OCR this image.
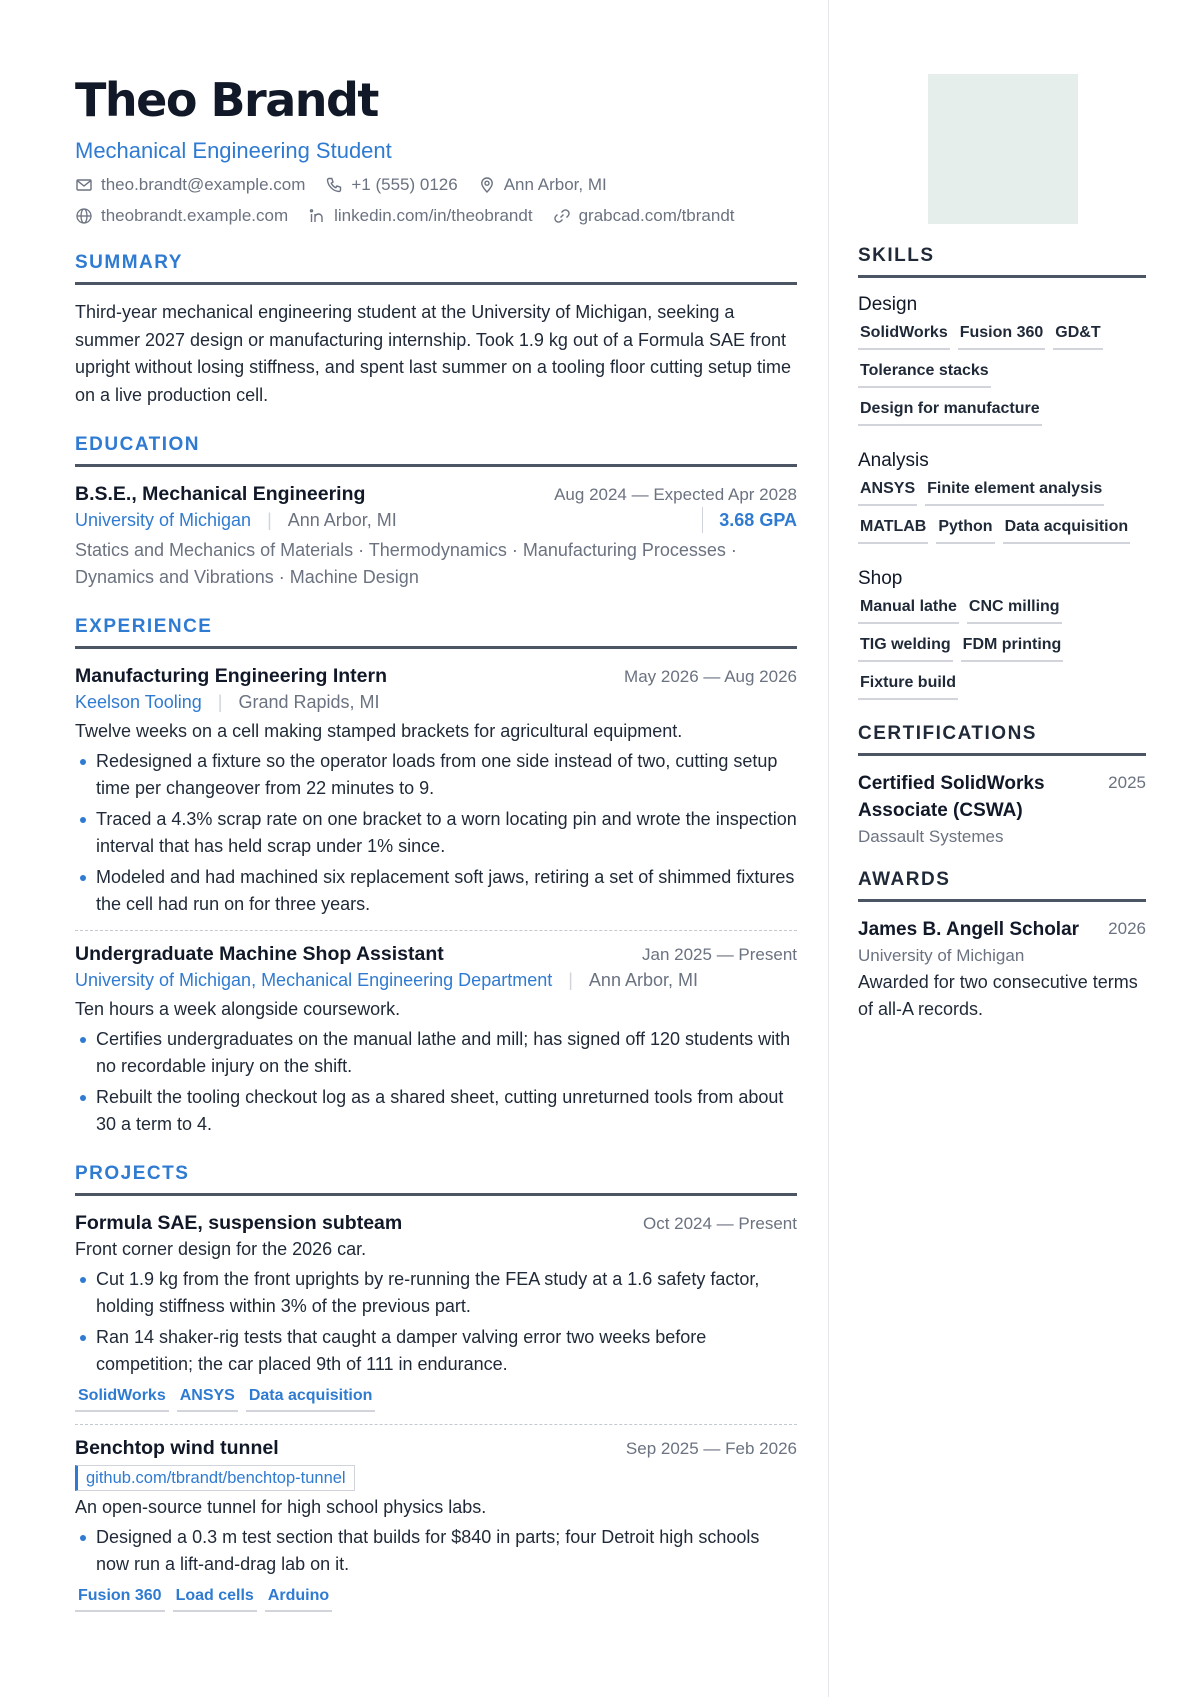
Theo Brandt
Mechanical Engineering Student
theo.brandt@example.com	+1 (555) 0126	Ann Arbor, MI
theobrandt.example.com	linkedin.com/in/theobrandt	grabcad.com/tbrandt
SUMMARY
Third-year mechanical engineering student at the University of Michigan, seeking a summer 2027 design or manufacturing internship. Took 1.9 kg out of a Formula SAE front upright without losing stiffness, and spent last summer on a tooling floor cutting setup time on a live production cell.
EDUCATION
B.S.E., Mechanical Engineering	Aug 2024 — Expected Apr 2028
University of Michigan | Ann Arbor, MI	3.68 GPA
Statics and Mechanics of Materials · Thermodynamics · Manufacturing Processes · Dynamics and Vibrations · Machine Design
EXPERIENCE
Manufacturing Engineering Intern	May 2026 — Aug 2026
Keelson Tooling | Grand Rapids, MI
Twelve weeks on a cell making stamped brackets for agricultural equipment.
Redesigned a fixture so the operator loads from one side instead of two, cutting setup time per changeover from 22 minutes to 9.
Traced a 4.3% scrap rate on one bracket to a worn locating pin and wrote the inspection interval that has held scrap under 1% since.
Modeled and had machined six replacement soft jaws, retiring a set of shimmed fixtures the cell had run on for three years.
Undergraduate Machine Shop Assistant	Jan 2025 — Present
University of Michigan, Mechanical Engineering Department | Ann Arbor, MI
Ten hours a week alongside coursework.
Certifies undergraduates on the manual lathe and mill; has signed off 120 students with no recordable injury on the shift.
Rebuilt the tooling checkout log as a shared sheet, cutting unreturned tools from about 30 a term to 4.
PROJECTS
Formula SAE, suspension subteam	Oct 2024 — Present
Front corner design for the 2026 car.
Cut 1.9 kg from the front uprights by re-running the FEA study at a 1.6 safety factor, holding stiffness within 3% of the previous part.
Ran 14 shaker-rig tests that caught a damper valving error two weeks before competition; the car placed 9th of 111 in endurance.
SolidWorks ANSYS Data acquisition
Benchtop wind tunnel	Sep 2025 — Feb 2026
github.com/tbrandt/benchtop-tunnel
An open-source tunnel for high school physics labs.
Designed a 0.3 m test section that builds for $840 in parts; four Detroit high schools now run a lift-and-drag lab on it.
Fusion 360 Load cells Arduino
SKILLS
Design
SolidWorks Fusion 360 GD&T
Tolerance stacks
Design for manufacture
Analysis
ANSYS Finite element analysis
MATLAB Python Data acquisition
Shop
Manual lathe CNC milling
TIG welding FDM printing
Fixture build
CERTIFICATIONS
Certified SolidWorks Associate (CSWA)
2025
Dassault Systemes
AWARDS
James B. Angell Scholar 2026
University of Michigan
Awarded for two consecutive terms of all-A records.
